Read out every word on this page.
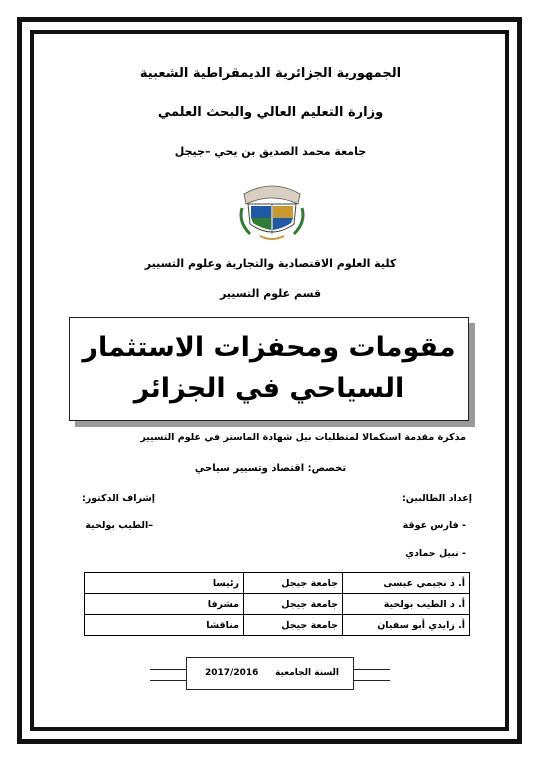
الجمهورية الجزائرية الديمقراطية الشعبية
وزارة التعليم العالي والبحث العلمي
جامعة محمد الصديق بن يحي –جيجل
كلية العلوم الاقتصادية والتجارية وعلوم التسيير
قسم علوم التسيير
مقومات ومحفزات الاستثمار
السياحي في الجزائر
مذكرة مقدمة استكمالا لمتطلبات نيل شهادة الماستر في علوم التسيير
تخصص: اقتصاد وتسيير سياحي
إعداد الطالبين:
إشراف الدكتور:
- فارس عوقة
- نبيل حمادي
–الطيب بولحية
أ. د نجيمي عيسى	جامعة جيجل	رئيسا
أ. د الطيب بولحية	جامعة جيجل	مشرفا
أ. زايدي أبو سفيان	جامعة جيجل	مناقشا
السنة الجامعية
2017/2016
